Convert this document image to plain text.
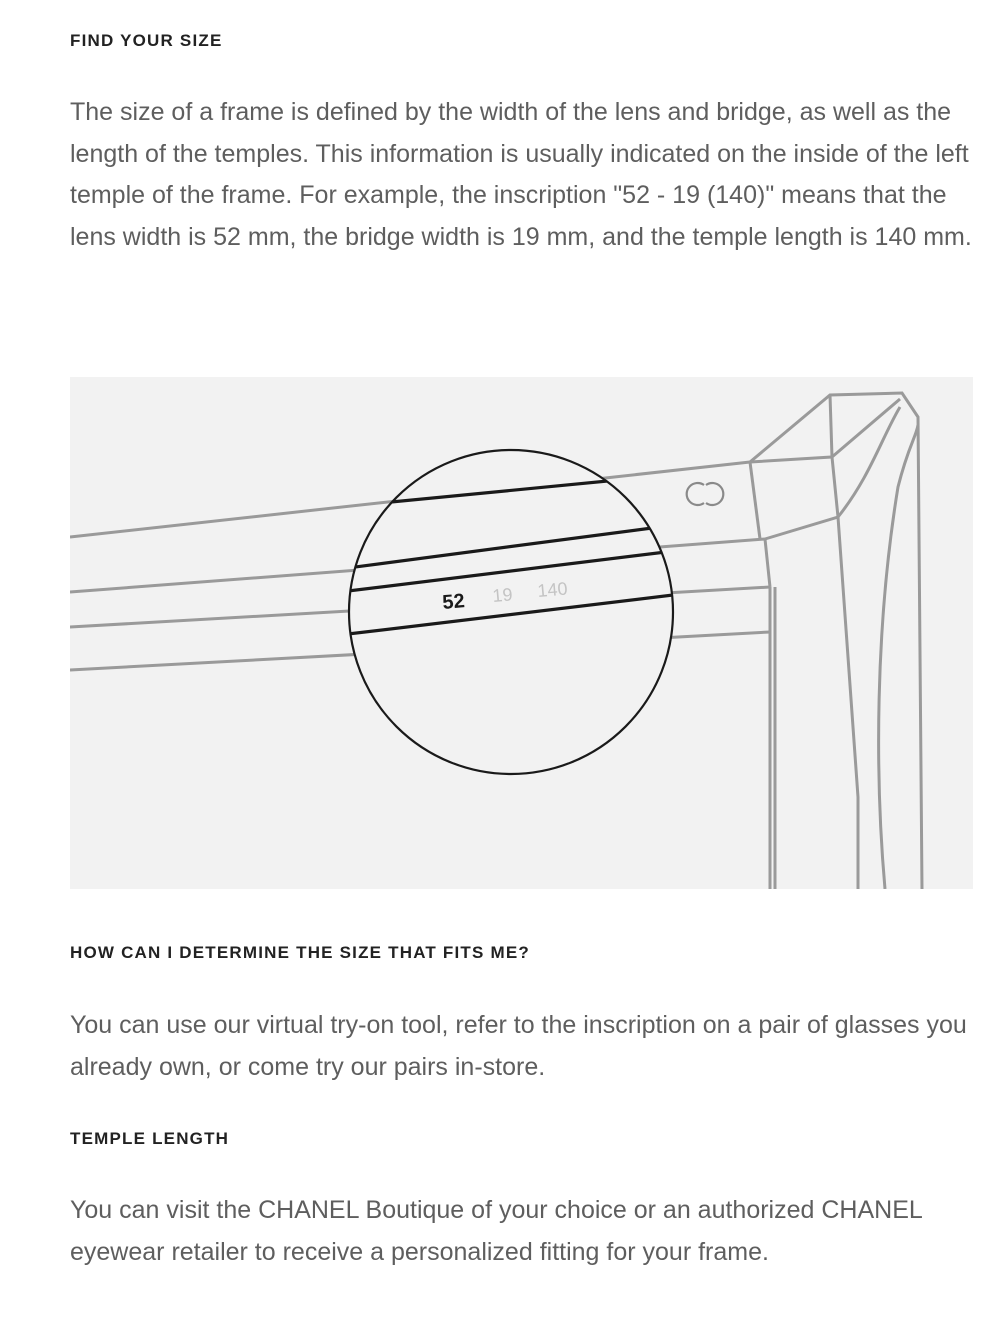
FIND YOUR SIZE

The size of a frame is defined by the width of the lens and bridge, as well as the length of the temples. This information is usually indicated on the inside of the left temple of the frame. For example, the inscription "52 - 19 (140)" means that the lens width is 52 mm, the bridge width is 19 mm, and the temple length is 140 mm.

HOW CAN I DETERMINE THE SIZE THAT FITS ME?

You can use our virtual try-on tool, refer to the inscription on a pair of glasses you already own, or come try our pairs in-store.

TEMPLE LENGTH

You can visit the CHANEL Boutique of your choice or an authorized CHANEL eyewear retailer to receive a personalized fitting for your frame.

52 19 140
